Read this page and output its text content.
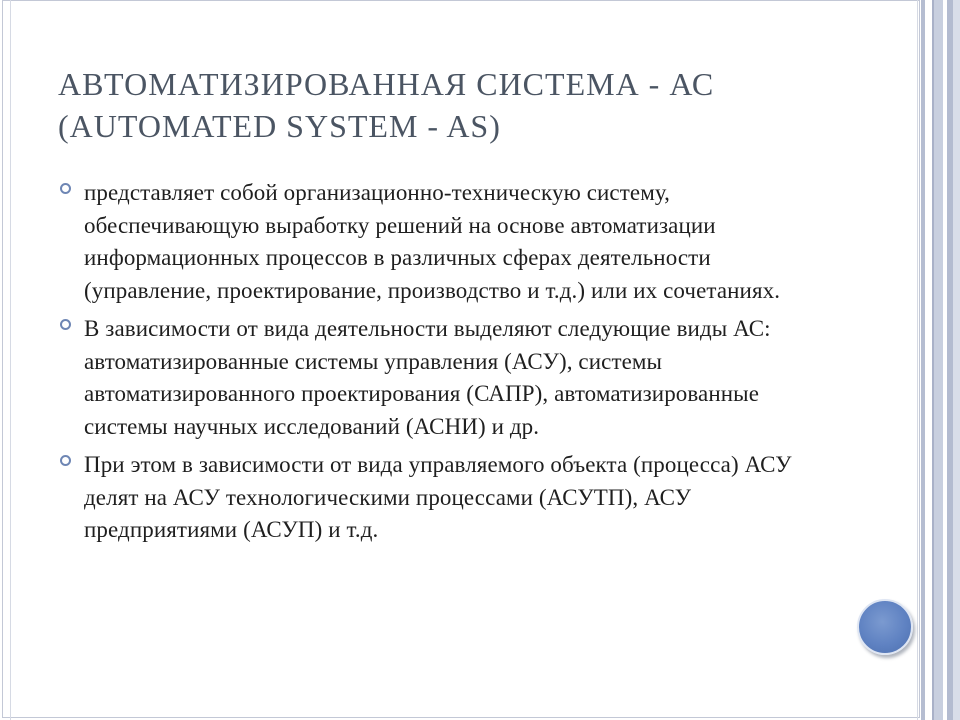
АВТОМАТИЗИРОВАННАЯ СИСТЕМА - АС (AUTOMATED SYSTEM - AS)
представляет собой организационно-техническую систему, обеспечивающую выработку решений на основе автоматизации информационных процессов в различных сферах деятельности (управление, проектирование, производство и т.д.) или их сочетаниях.
В зависимости от вида деятельности выделяют следующие виды АС: автоматизированные системы управления (АСУ), системы автоматизированного проектирования (САПР), автоматизированные системы научных исследований (АСНИ) и др.
При этом в зависимости от вида управляемого объекта (процесса) АСУ делят на АСУ технологическими процессами (АСУТП), АСУ предприятиями (АСУП) и т.д.
